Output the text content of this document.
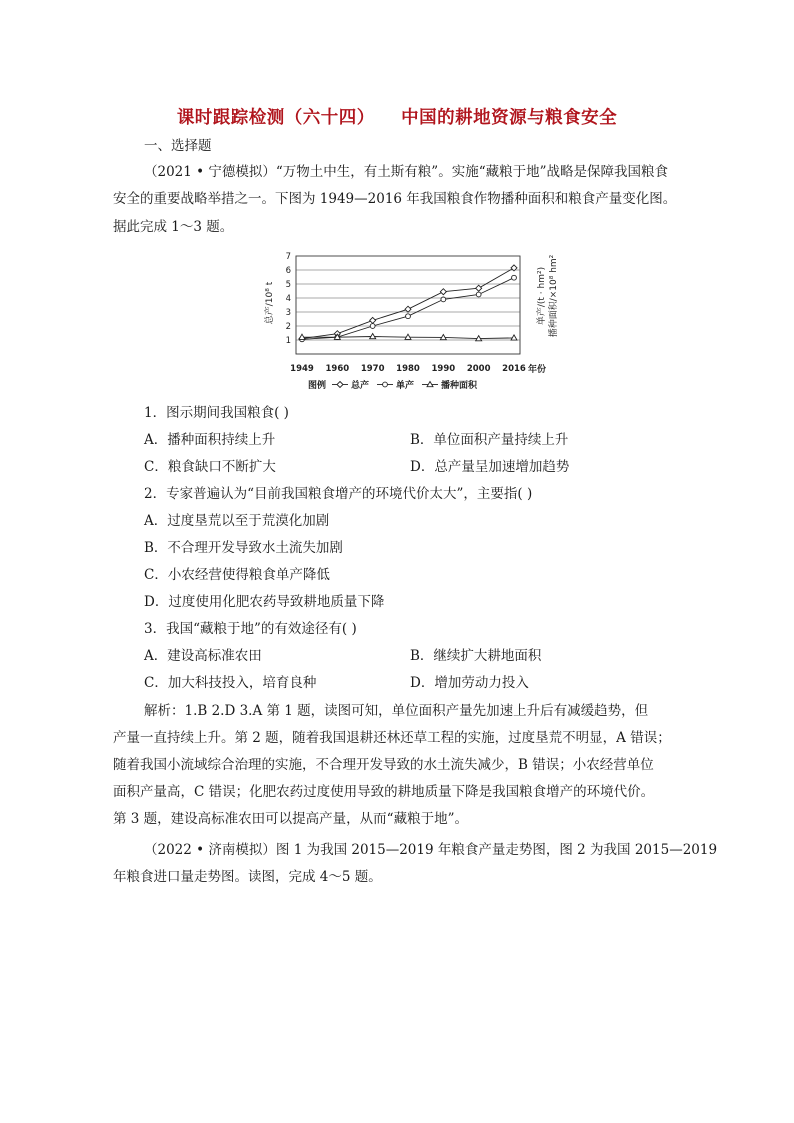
课时跟踪检测（六十四）    中国的耕地资源与粮食安全
一、选择题
（2021 • 宁德模拟）“万物土中生，有土斯有粮”。实施“藏粮于地”战略是保障我国粮食
安全的重要战略举措之一。下图为 1949—2016 年我国粮食作物播种面积和粮食产量变化图。
据此完成 1～3 题。
1
2
3
4
5
6
7
1949 1960 1970 1980 1990 2000 2016
总产/10⁸ t	单产/(t · hm²) 播种面积/×10⁸ hm²
年份
图例	总产	单产	播种面积
1．图示期间我国粮食( )
A．播种面积持续上升	B．单位面积产量持续上升
C．粮食缺口不断扩大	D．总产量呈加速增加趋势
2．专家普遍认为“目前我国粮食增产的环境代价太大”，主要指( )
A．过度垦荒以至于荒漠化加剧
B．不合理开发导致水土流失加剧
C．小农经营使得粮食单产降低
D．过度使用化肥农药导致耕地质量下降
3．我国“藏粮于地”的有效途径有( )
A．建设高标准农田	B．继续扩大耕地面积
C．加大科技投入，培育良种	D．增加劳动力投入
解析：1.B 2.D 3.A 第 1 题，读图可知，单位面积产量先加速上升后有减缓趋势，但
产量一直持续上升。第 2 题，随着我国退耕还林还草工程的实施，过度垦荒不明显，A 错误；
随着我国小流域综合治理的实施，不合理开发导致的水土流失减少，B 错误；小农经营单位
面积产量高，C 错误；化肥农药过度使用导致的耕地质量下降是我国粮食增产的环境代价。
第 3 题，建设高标准农田可以提高产量，从而“藏粮于地”。
（2022 • 济南模拟）图 1 为我国 2015—2019 年粮食产量走势图，图 2 为我国 2015—2019
年粮食进口量走势图。读图，完成 4～5 题。
